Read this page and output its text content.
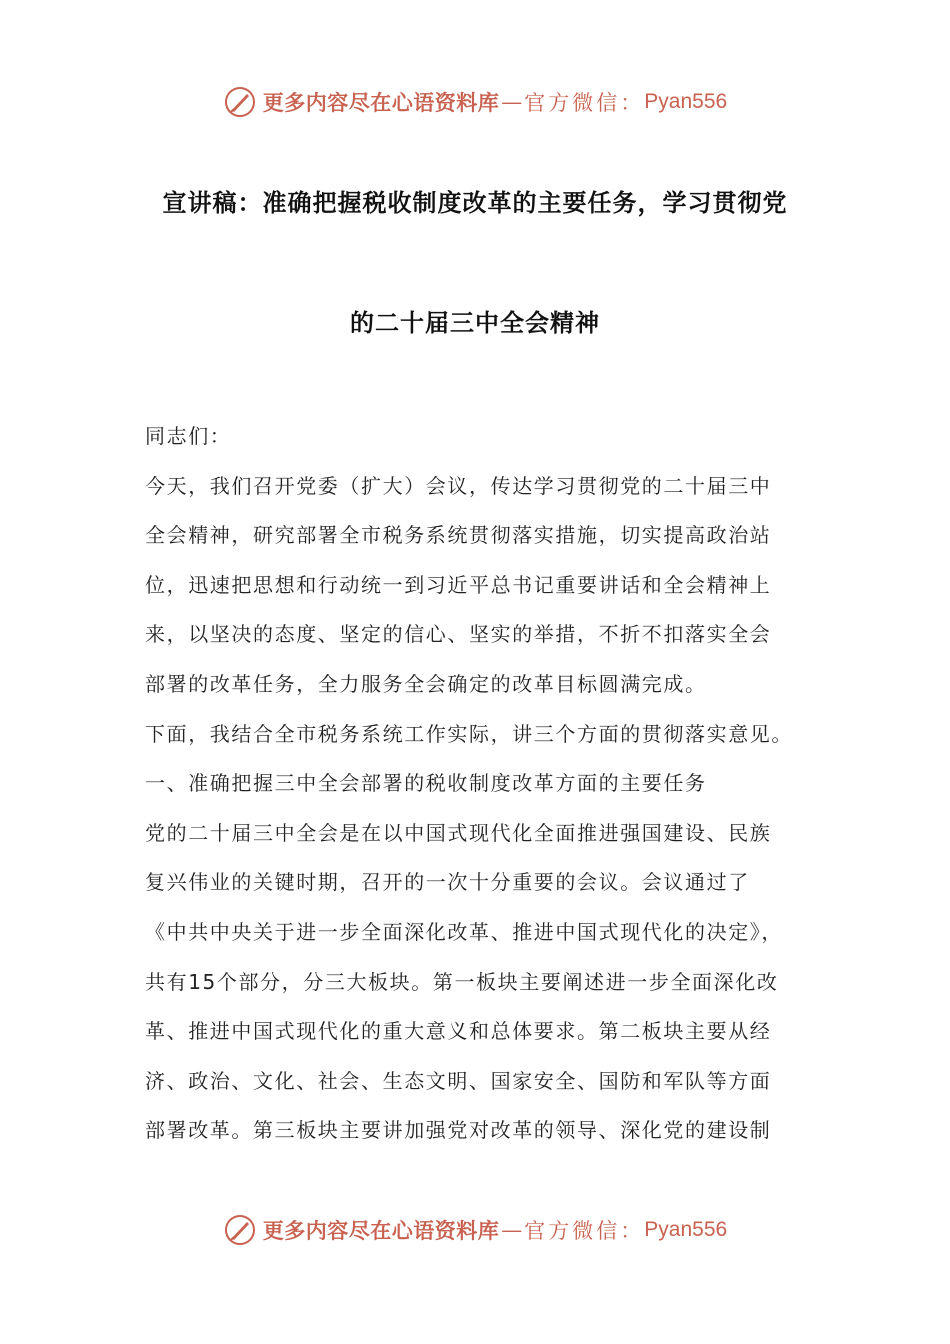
更多内容尽在心语资料库 — 官方微信： Pyan556
宣讲稿：准确把握税收制度改革的主要任务，学习贯彻党
的二十届三中全会精神

同志们：

今天，我们召开党委（扩大）会议，传达学习贯彻党的二十届三中

全会精神，研究部署全市税务系统贯彻落实措施，切实提高政治站

位，迅速把思想和行动统一到习近平总书记重要讲话和全会精神上

来，以坚决的态度、坚定的信心、坚实的举措，不折不扣落实全会

部署的改革任务，全力服务全会确定的改革目标圆满完成。

下面，我结合全市税务系统工作实际，讲三个方面的贯彻落实意见。

一、准确把握三中全会部署的税收制度改革方面的主要任务

党的二十届三中全会是在以中国式现代化全面推进强国建设、民族

复兴伟业的关键时期，召开的一次十分重要的会议。会议通过了

《中共中央关于进一步全面深化改革、推进中国式现代化的决定》，

共有15个部分，分三大板块。第一板块主要阐述进一步全面深化改

革、推进中国式现代化的重大意义和总体要求。第二板块主要从经

济、政治、文化、社会、生态文明、国家安全、国防和军队等方面

部署改革。第三板块主要讲加强党对改革的领导、深化党的建设制

更多内容尽在心语资料库 — 官方微信： Pyan556
